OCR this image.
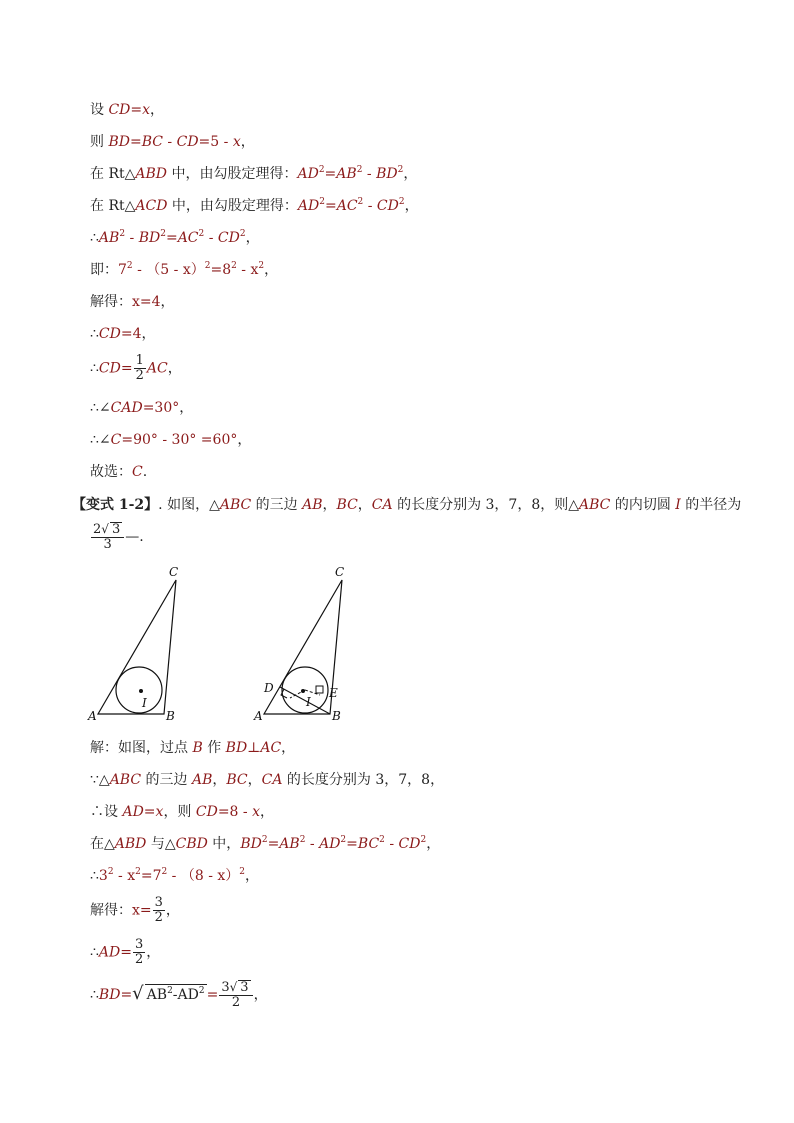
设 CD=x，
则 BD=BC - CD=5 - x，
在 Rt△ABD 中，由勾股定理得：$AD^2=AB^2 - BD^2$，
在 Rt△ACD 中，由勾股定理得：$AD^2=AC^2 - CD^2$，
$\therefore AB^2 - BD^2=AC^2 - CD^2$，
即：$7^2 - (5 - x)^2=8^2 - x^2$，
解得：x=4，
∴CD=4，
∴CD= $\frac{1}{2}$ AC，
∴∠CAD=30°，
∴∠C=90° - 30° =60°，
故选：C.
【变式 1-2】. 如图，△ABC 的三边 AB，BC，CA 的长度分别为 3，7，8，则△ABC 的内切圆 I 的半径为
$\frac{2√ 3}{3}$ —.
C
A	B
I
C
A	B
D	E
I
解：如图，过点 B 作 BD⊥AC，
∵△ABC 的三边 AB，BC，CA 的长度分别为 3，7，8，
∴设 AD=x，则 CD=8 - x，
在△ABD 与△CBD 中，$BD^2=AB^2 - AD^2=BC^2 - CD^2$，
$\therefore 3^2 - x^2=7^2 - (8 - x)^2$，
解得：$x= \frac{3}{2}$ ，
∴AD= $\frac{3}{2}$ ，
∴BD=√ $AB^2-AD^2 = \frac{3√ 3}{2}$ ，
